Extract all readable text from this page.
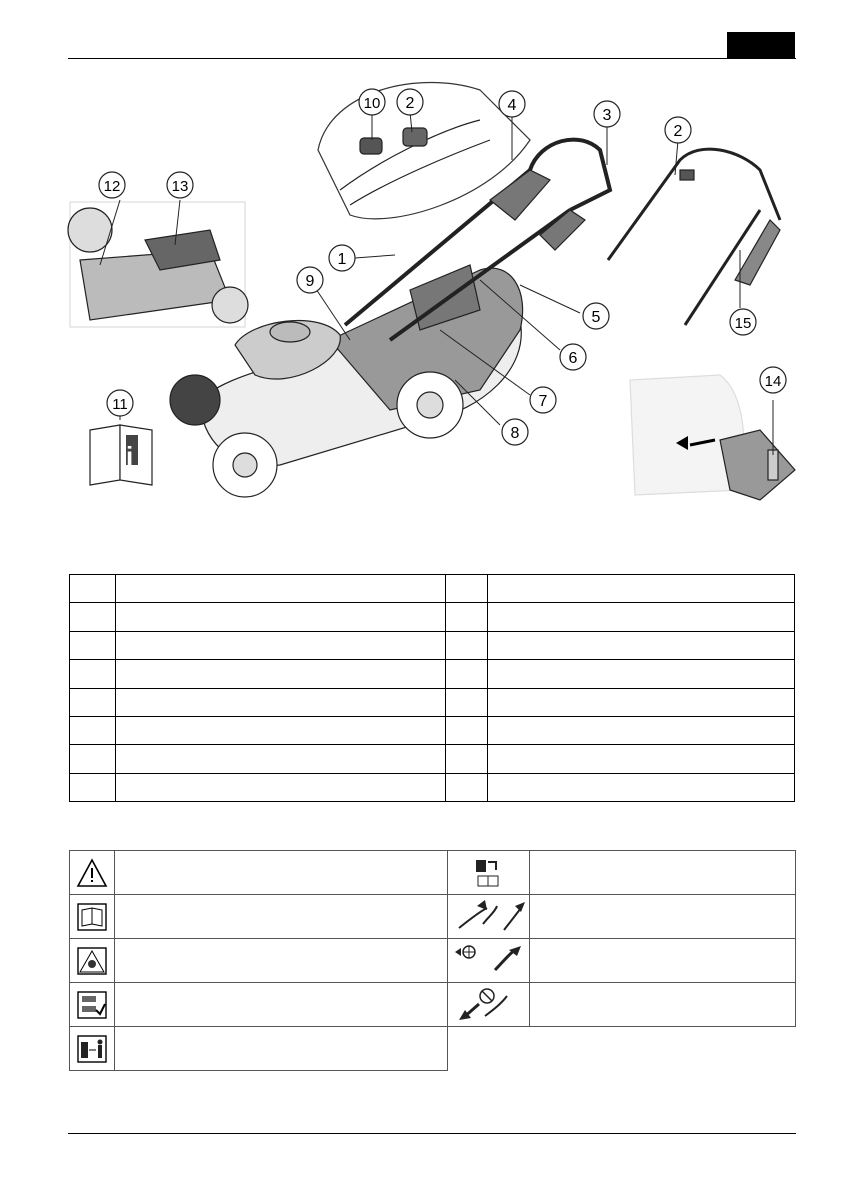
i
1
9
10 2	4
3
2
12	13
5	15
6
7
8
11
14
